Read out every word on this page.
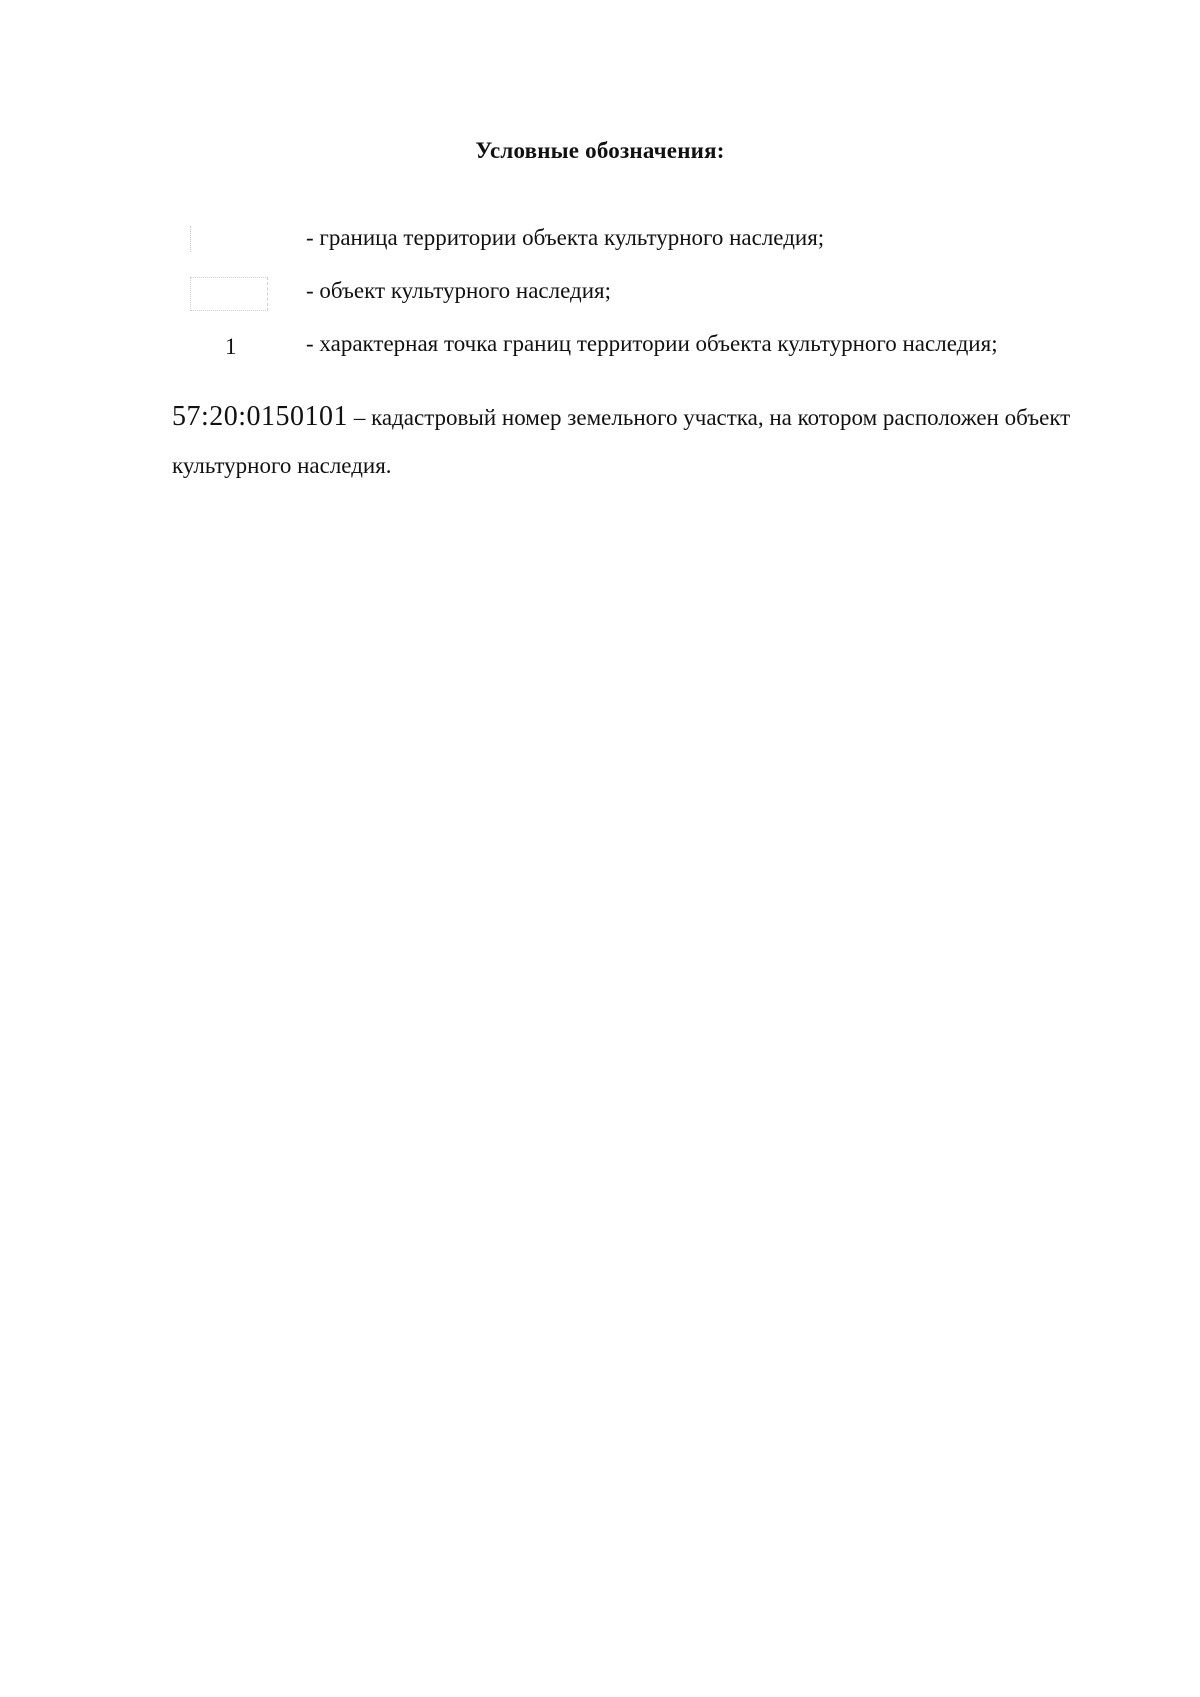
Условные обозначения:
- граница территории объекта культурного наследия;
- объект культурного наследия;
1	- характерная точка границ территории объекта культурного наследия;
57:20:0150101 – кадастровый номер земельного участка, на котором расположен объект культурного наследия.
